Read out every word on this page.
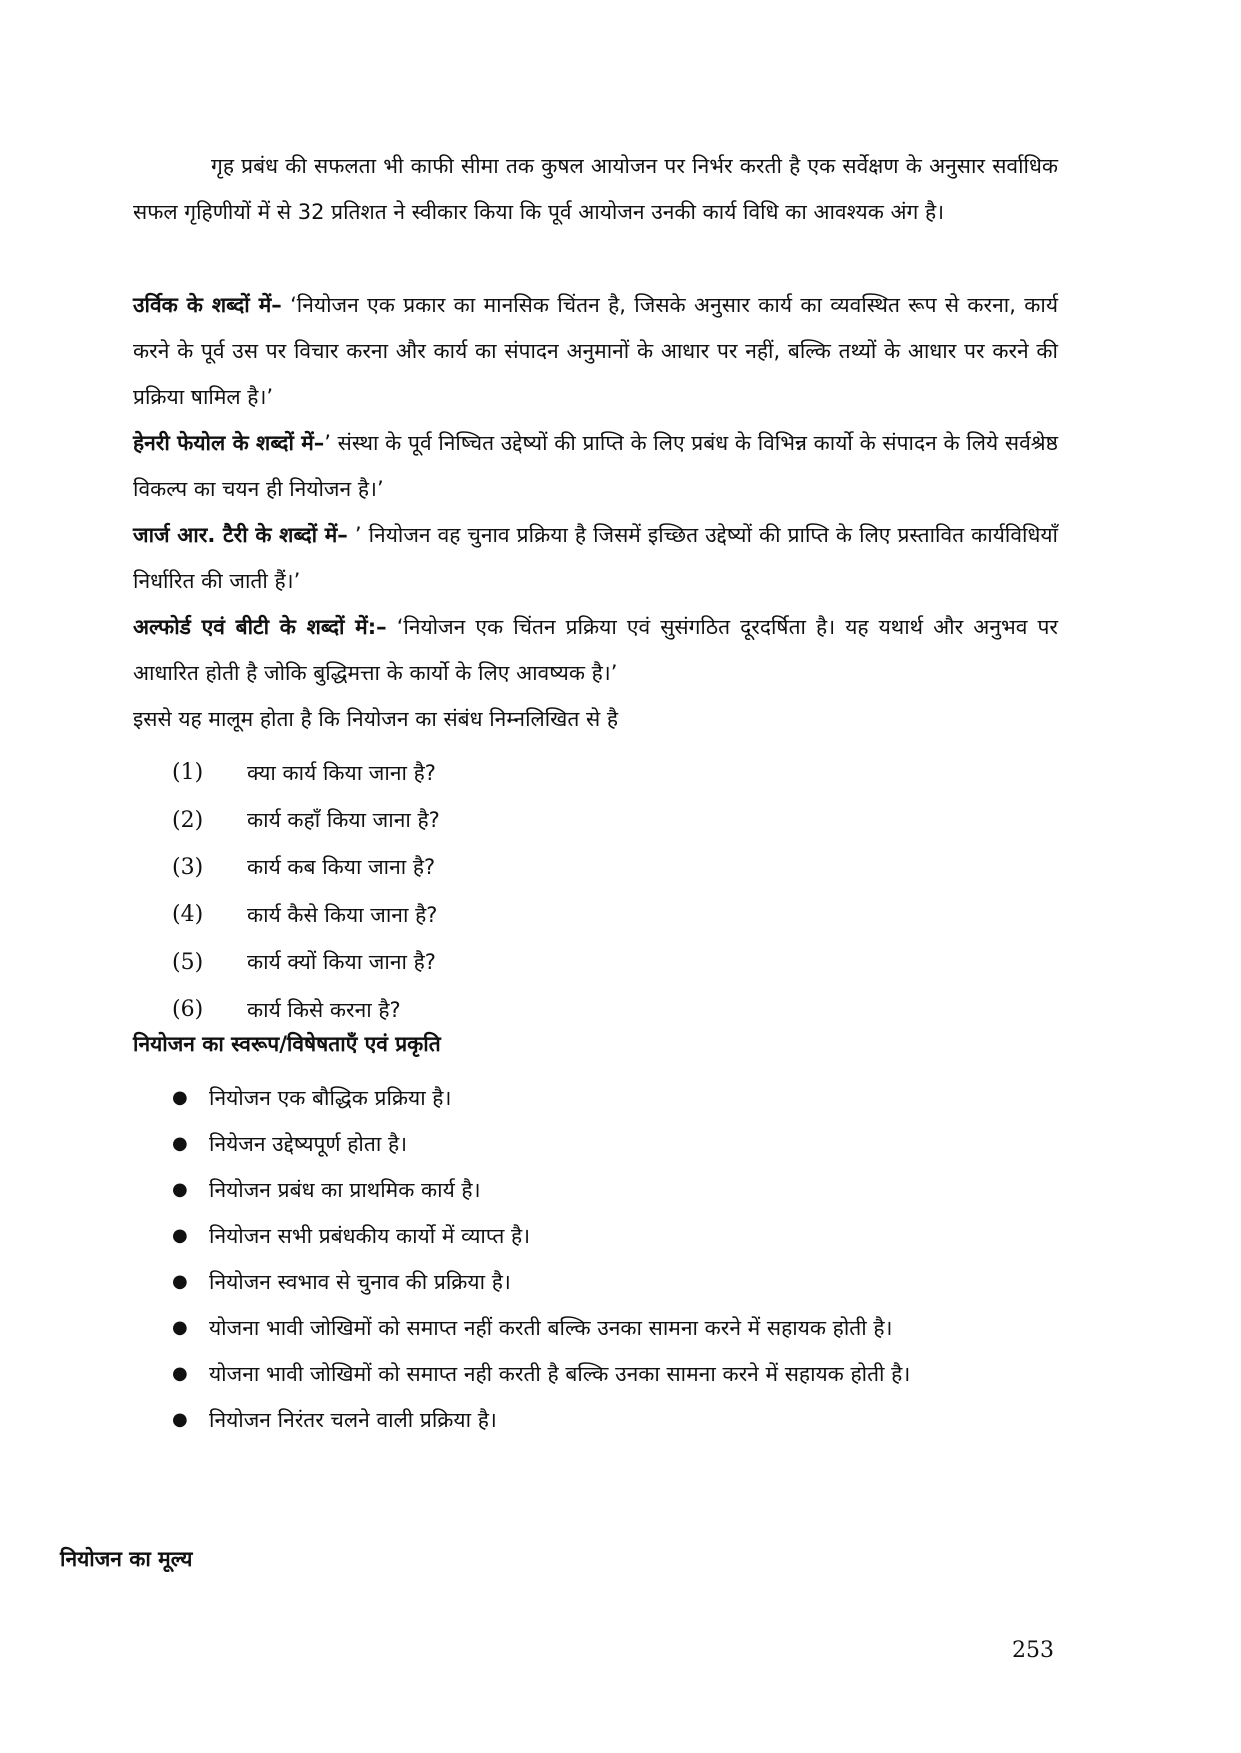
गृह प्रबंध की सफलता भी काफी सीमा तक कुषल आयोजन पर निर्भर करती है एक सर्वेक्षण के अनुसार सर्वाधिक सफल गृहिणीयों में से 32 प्रतिशत ने स्वीकार किया कि पूर्व आयोजन उनकी कार्य विधि का आवश्यक अंग है।

उर्विक के शब्दों में– ‘नियोजन एक प्रकार का मानसिक चिंतन है, जिसके अनुसार कार्य का व्यवस्थित रूप से करना, कार्य करने के पूर्व उस पर विचार करना और कार्य का संपादन अनुमानों के आधार पर नहीं, बल्कि तथ्यों के आधार पर करने की प्रक्रिया षामिल है।’

हेनरी फेयोल के शब्दों में–’ संस्था के पूर्व निष्चित उद्देष्यों की प्राप्ति के लिए प्रबंध के विभिन्न कार्यो के संपादन के लिये सर्वश्रेष्ठ विकल्प का चयन ही नियोजन है।’

जार्ज आर. टैरी के शब्दों में– ’ नियोजन वह चुनाव प्रक्रिया है जिसमें इच्छित उद्देष्यों की प्राप्ति के लिए प्रस्तावित कार्यविधियाँ निर्धारित की जाती हैं।’

अल्फोर्ड एवं बीटी के शब्दों में:– ‘नियोजन एक चिंतन प्रक्रिया एवं सुसंगठित दूरदर्षिता है। यह यथार्थ और अनुभव पर आधारित होती है जोकि बुद्धिमत्ता के कार्यो के लिए आवष्यक है।’

इससे यह मालूम होता है कि नियोजन का संबंध निम्नलिखित से है

(1)	क्या कार्य किया जाना है?
(2)	कार्य कहाँ किया जाना है?
(3)	कार्य कब किया जाना है?
(4)	कार्य कैसे किया जाना है?
(5)	कार्य क्यों किया जाना है?
(6)	कार्य किसे करना है?
नियोजन का स्वरूप/विषेषताएँ एवं प्रकृति
●	नियोजन एक बौद्धिक प्रक्रिया है।
●	नियेजन उद्देष्यपूर्ण होता है।
●	नियोजन प्रबंध का प्राथमिक कार्य है।
●	नियोजन सभी प्रबंधकीय कार्यो में व्याप्त है।
●	नियोजन स्वभाव से चुनाव की प्रक्रिया है।
●	योजना भावी जोखिमों को समाप्त नहीं करती बल्कि उनका सामना करने में सहायक होती है।
●	योजना भावी जोखिमों को समाप्त नही करती है बल्कि उनका सामना करने में सहायक होती है।
●	नियोजन निरंतर चलने वाली प्रक्रिया है।
नियोजन का मूल्य
253
